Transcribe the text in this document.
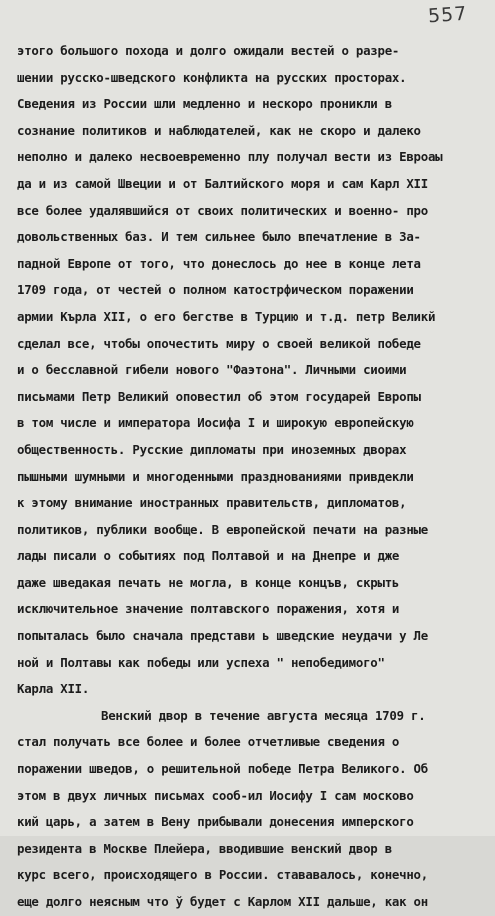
557
этого большого похода и долго ожидали вестей о разре-
шении русско-шведского конфликта на русских просторах.
Сведения из России шли медленно и нескоро проникли в
сознание политиков и наблюдателей, как не скоро и далеко
неполно и далеко несвоевременно плу получал вести из Евроаы
да и из самой Швеции и от Балтийского моря и сам Карл XII
все более удалявшийся от своих политических и военно- про
довольственных баз. И тем сильнее было впечатление в За-
падной Европе от того, что донеслось до нее в конце лета
1709 года, от честей о полном катострфическом поражении
армии Кърла XII, о его бегстве в Турцию и т.д. петр Великй
сделал все, чтобы опочестить миру о своей великой победе
и о бесславной гибели нового "Фаэтона". Личными сиоими
письмами Петр Великий оповестил об этом государей Европы
в том числе и императора Иосифа I и широкую европейскую
общественность. Русские дипломаты при иноземных дворах
пышными шумными и многоденными празднованиями привдекли
к этому внимание иностранных правительств, дипломатов,
политиков, публики вообще. В европейской печати на разные
лады писали о событиях под Полтавой и на Днепре и дже
даже шведакая печать не могла, в конце концъв, скрыть
исключительное значение полтавского поражения, хотя и
попыталась было сначала представи ь шведские неудачи у Ле
ной и Полтавы как победы или успеха " непобедимого"
Карла XII.
Венский двор в течение августа месяца 1709 г.
стал получать все более и более отчетливые сведения о
поражении шведов, о решительной победе Петра Великого. Об
этом в двух личных письмах сооб-ил Иосифу I сам москово
кий царь, а затем в Вену прибывали донесения имперского
резидента в Москве Плейера, вводившие венский двор в
курс всего, происходящего в России. стававалось, конечно,
еще долго неясным что ў будет с Карлом XII дальше, как он
